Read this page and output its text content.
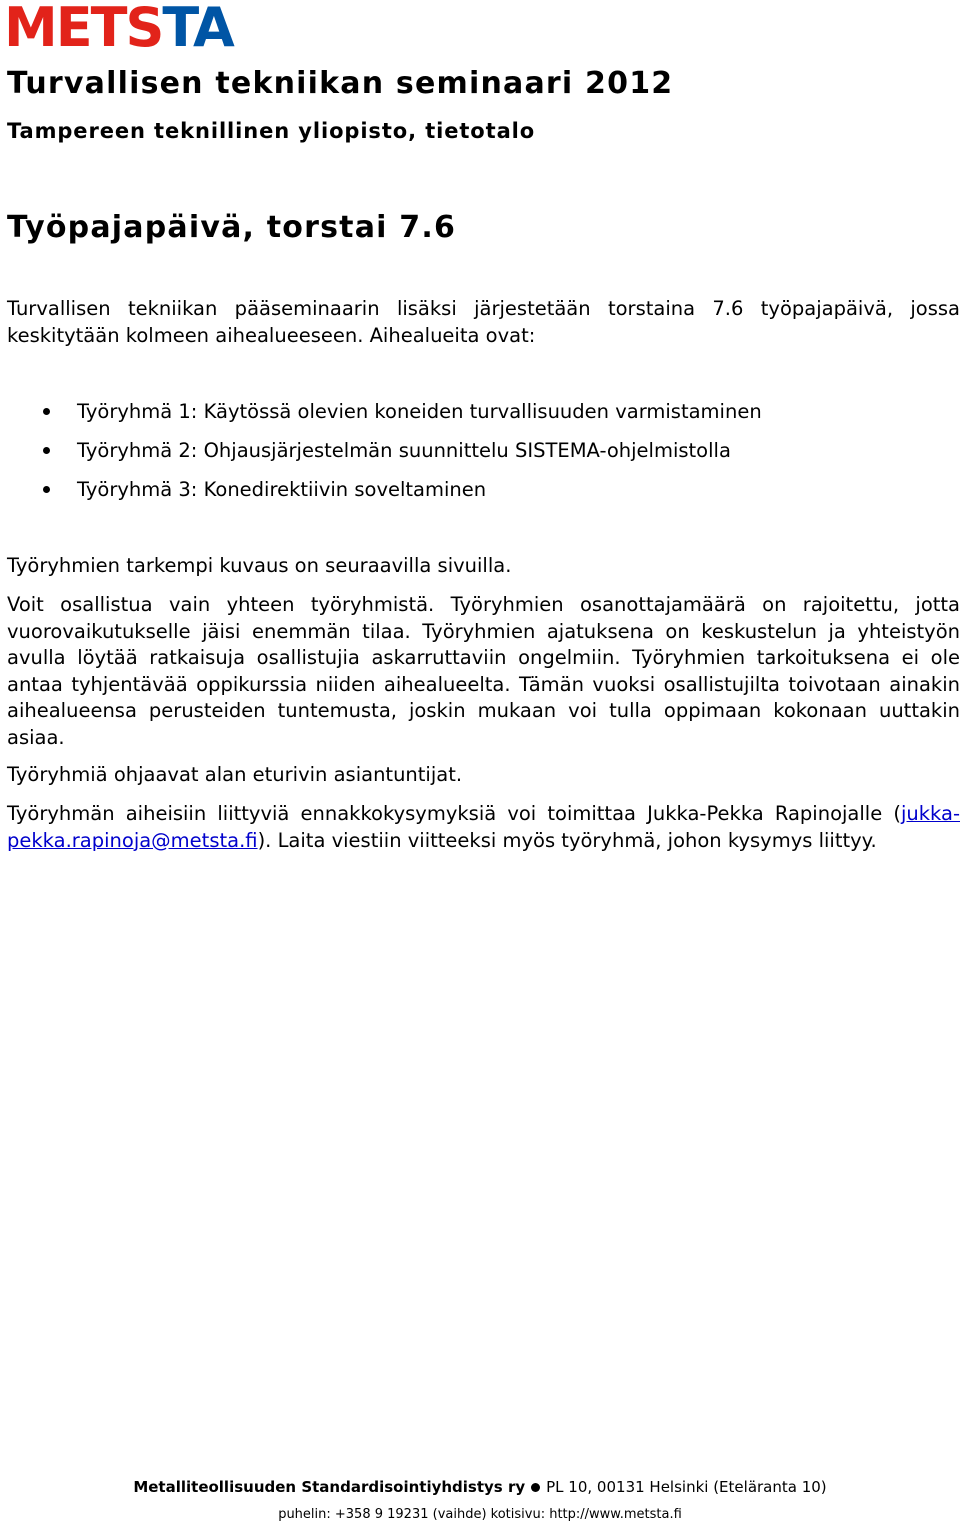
METSTA
Turvallisen tekniikan seminaari 2012
Tampereen teknillinen yliopisto, tietotalo
Työpajapäivä, torstai 7.6

Turvallisen tekniikan pääseminaarin lisäksi järjestetään torstaina 7.6 työpajapäivä, jossa keskitytään kolmeen aihealueeseen. Aihealueita ovat:

Työryhmä 1: Käytössä olevien koneiden turvallisuuden varmistaminen
Työryhmä 2: Ohjausjärjestelmän suunnittelu SISTEMA-ohjelmistolla
Työryhmä 3: Konedirektiivin soveltaminen

Työryhmien tarkempi kuvaus on seuraavilla sivuilla.

Voit osallistua vain yhteen työryhmistä. Työryhmien osanottajamäärä on rajoitettu, jotta vuorovaikutukselle jäisi enemmän tilaa. Työryhmien ajatuksena on keskustelun ja yhteistyön avulla löytää ratkaisuja osallistujia askarruttaviin ongelmiin. Työryhmien tarkoituksena ei ole antaa tyhjentävää oppikurssia niiden aihealueelta. Tämän vuoksi osallistujilta toivotaan ainakin aihealueensa perusteiden tuntemusta, joskin mukaan voi tulla oppimaan kokonaan uuttakin asiaa.

Työryhmiä ohjaavat alan eturivin asiantuntijat.

Työryhmän aiheisiin liittyviä ennakkokysymyksiä voi toimittaa Jukka-Pekka Rapinojalle (jukka-pekka.rapinoja@metsta.fi). Laita viestiin viitteeksi myös työryhmä, johon kysymys liittyy.

Metalliteollisuuden Standardisointiyhdistys ry PL 10, 00131 Helsinki (Eteläranta 10)
puhelin: +358 9 19231 (vaihde) kotisivu: http://www.metsta.fi
